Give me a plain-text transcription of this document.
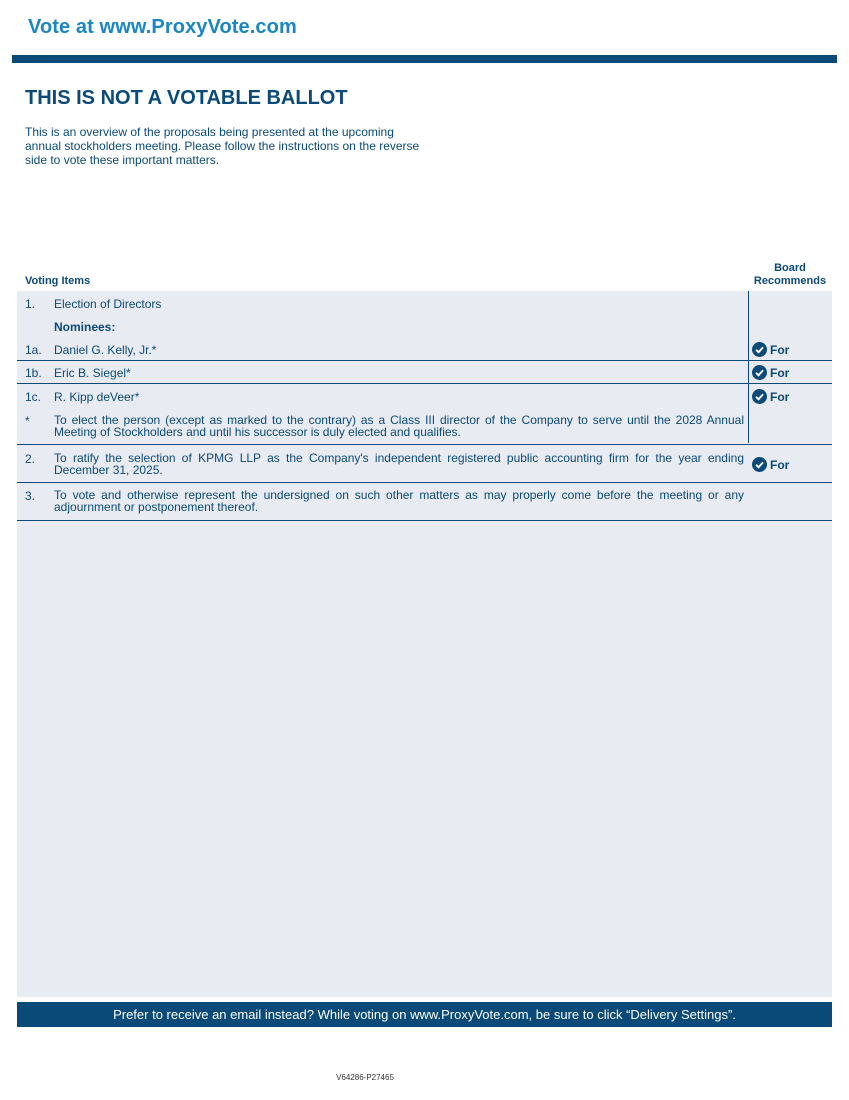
Vote at www.ProxyVote.com
THIS IS NOT A VOTABLE BALLOT
This is an overview of the proposals being presented at the upcoming annual stockholders meeting. Please follow the instructions on the reverse side to vote these important matters.
Voting Items
Board
Recommends
1. Election of Directors
Nominees:
1a. Daniel G. Kelly, Jr.*	For
1b. Eric B. Siegel*	For
1c. R. Kipp deVeer*	For
* To elect the person (except as marked to the contrary) as a Class III director of the Company to serve until the 2028 Annual Meeting of Stockholders and until his successor is duly elected and qualifies.
2. To ratify the selection of KPMG LLP as the Company's independent registered public accounting firm for the year ending December 31, 2025.	For
3. To vote and otherwise represent the undersigned on such other matters as may properly come before the meeting or any adjournment or postponement thereof.
Prefer to receive an email instead? While voting on www.ProxyVote.com, be sure to click “Delivery Settings”.
V64286-P27465
